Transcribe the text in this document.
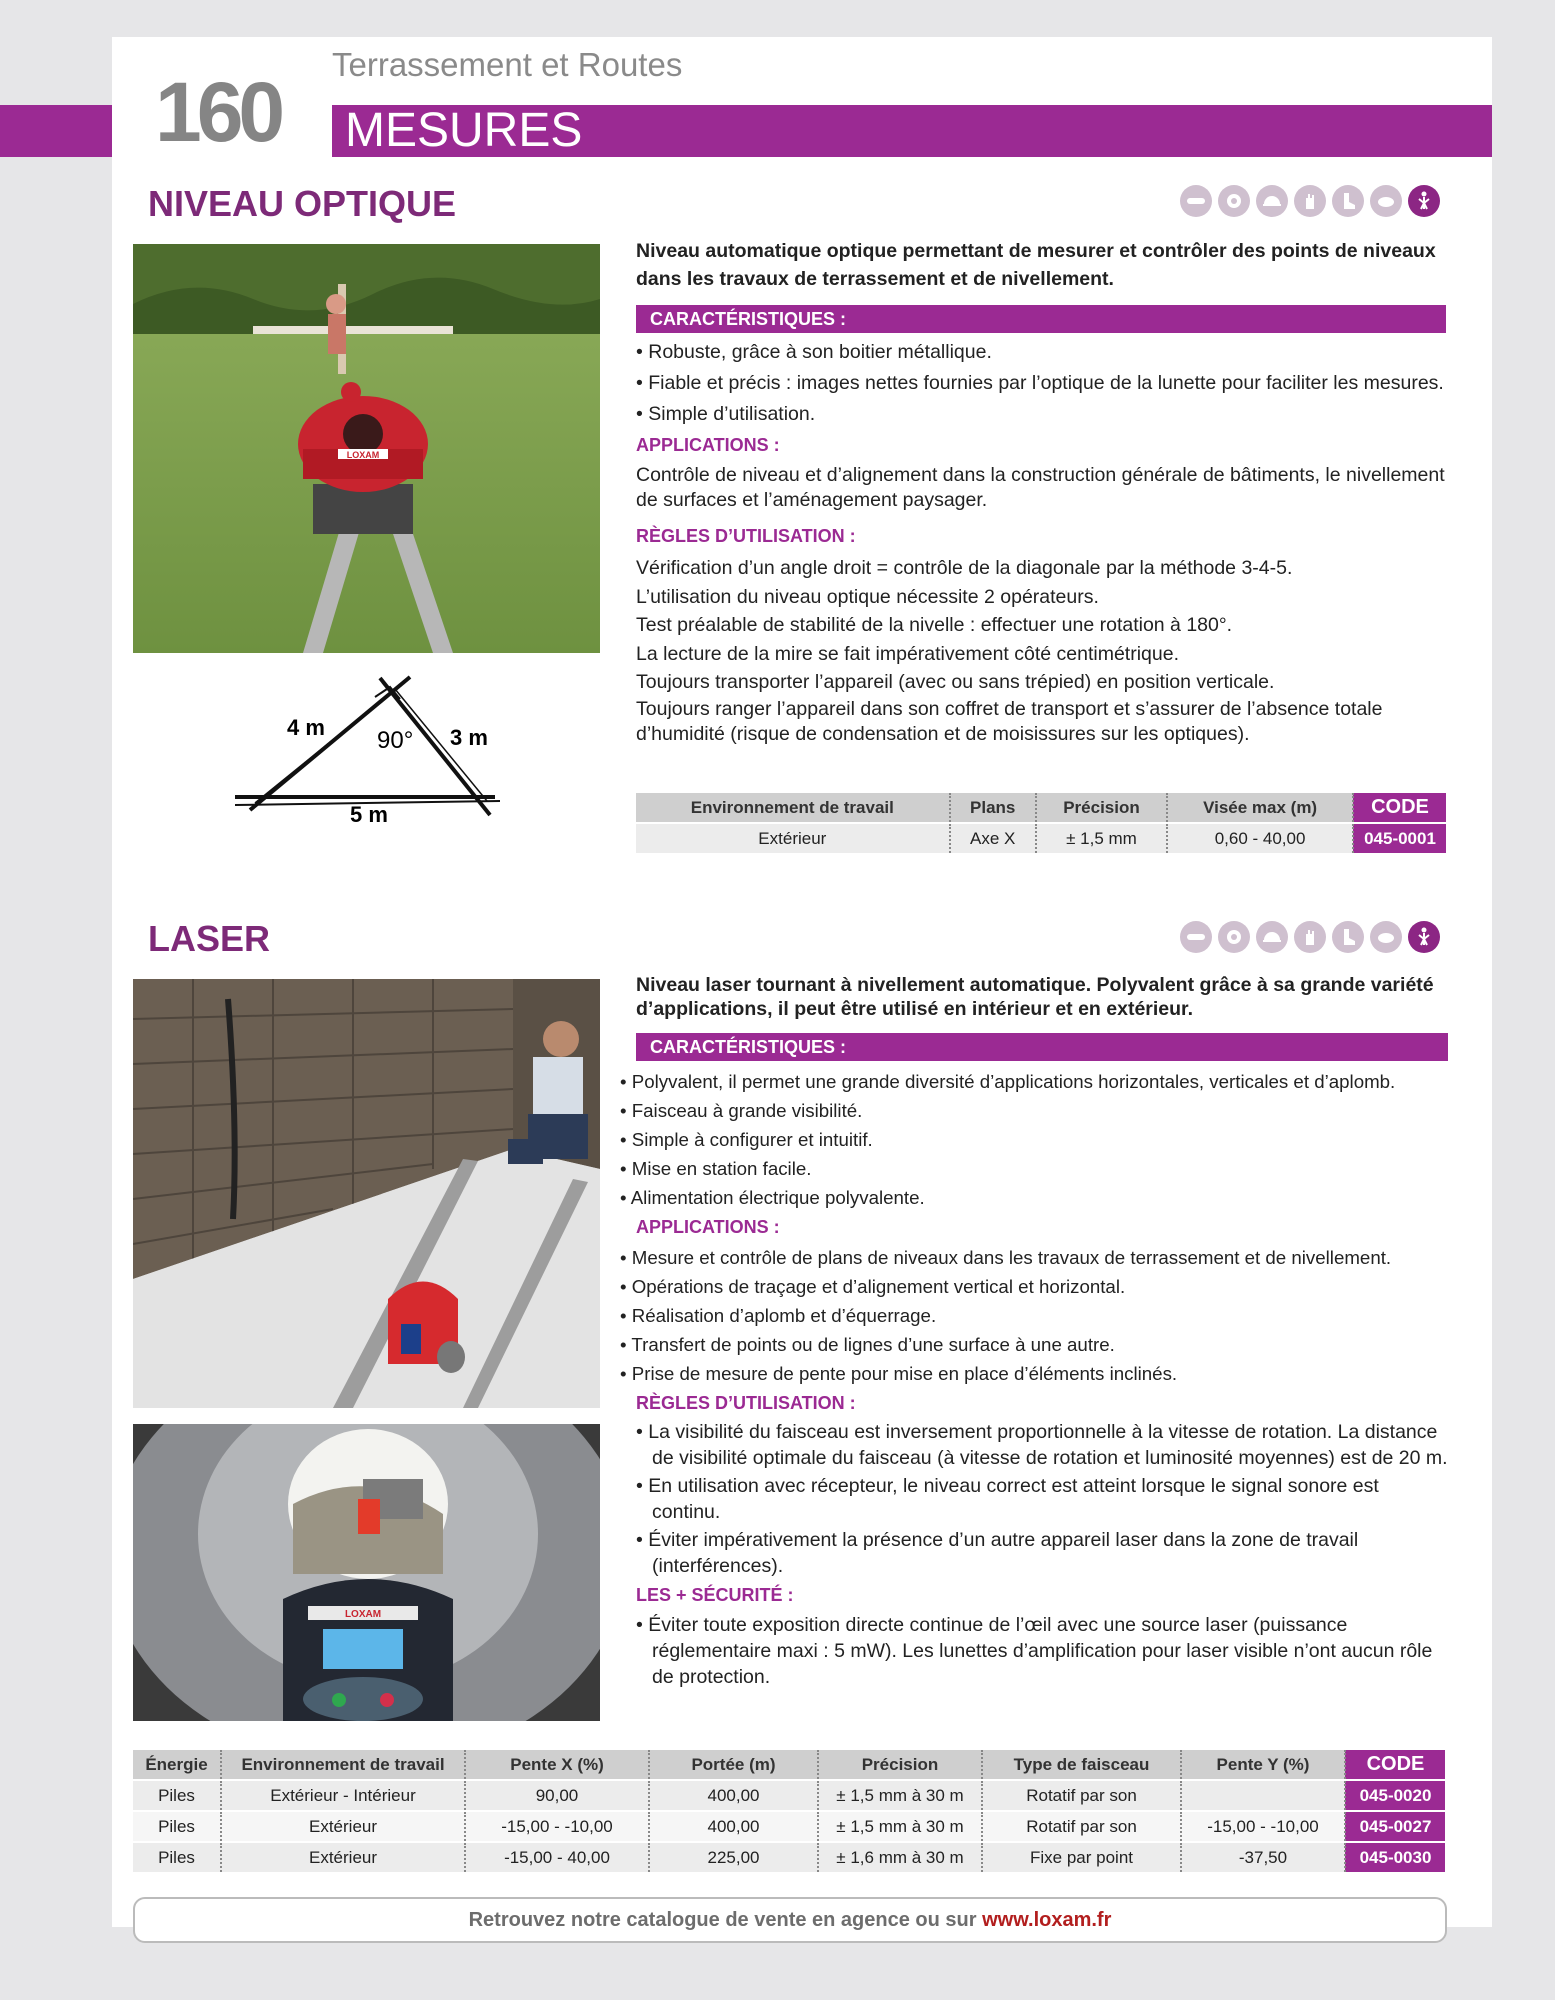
160
Terrassement et Routes
MESURES
NIVEAU OPTIQUE
LOXAM
4 m	3 m
5 m
90°

Niveau automatique optique permettant de mesurer et contrôler des points de niveaux dans les travaux de terrassement et de nivellement.

CARACTÉRISTIQUES :
• Robuste, grâce à son boitier métallique.
• Fiable et précis : images nettes fournies par l’optique de la lunette pour faciliter les mesures.
• Simple d’utilisation.
APPLICATIONS :

Contrôle de niveau et d’alignement dans la construction générale de bâtiments, le nivellement de surfaces et l’aménagement paysager.

RÈGLES D’UTILISATION :

Vérification d’un angle droit = contrôle de la diagonale par la méthode 3-4-5.

L’utilisation du niveau optique nécessite 2 opérateurs.

Test préalable de stabilité de la nivelle : effectuer une rotation à 180°.

La lecture de la mire se fait impérativement côté centimétrique.

Toujours transporter l’appareil (avec ou sans trépied) en position verticale.

Toujours ranger l’appareil dans son coffret de transport et s’assurer de l’absence totale d’humidité (risque de condensation et de moisissures sur les optiques).

Environnement de travail	Plans	Précision	Visée max (m)	CODE
Extérieur	Axe X	± 1,5 mm	0,60 - 40,00	045-0001
LASER
LOXAM

Niveau laser tournant à nivellement automatique. Polyvalent grâce à sa grande variété d’applications, il peut être utilisé en intérieur et en extérieur.

CARACTÉRISTIQUES :
• Polyvalent, il permet une grande diversité d’applications horizontales, verticales et d’aplomb.
• Faisceau à grande visibilité.
• Simple à configurer et intuitif.
• Mise en station facile.
• Alimentation électrique polyvalente.
APPLICATIONS :
• Mesure et contrôle de plans de niveaux dans les travaux de terrassement et de nivellement.
• Opérations de traçage et d’alignement vertical et horizontal.
• Réalisation d’aplomb et d’équerrage.
• Transfert de points ou de lignes d’une surface à une autre.
• Prise de mesure de pente pour mise en place d’éléments inclinés.
RÈGLES D’UTILISATION :
• La visibilité du faisceau est inversement proportionnelle à la vitesse de rotation. La distance de visibilité optimale du faisceau (à vitesse de rotation et luminosité moyennes) est de 20 m.
• En utilisation avec récepteur, le niveau correct est atteint lorsque le signal sonore est continu.
• Éviter impérativement la présence d’un autre appareil laser dans la zone de travail (interférences).
LES + SÉCURITÉ :
• Éviter toute exposition directe continue de l’œil avec une source laser (puissance réglementaire maxi : 5 mW). Les lunettes d’amplification pour laser visible n’ont aucun rôle de protection.
Énergie	Environnement de travail	Pente X (%)	Portée (m)	Précision	Type de faisceau	Pente Y (%)	CODE
Piles	Extérieur - Intérieur	90,00	400,00	± 1,5 mm à 30 m	Rotatif par son		045-0020
Piles	Extérieur	-15,00 - -10,00	400,00	± 1,5 mm à 30 m	Rotatif par son	-15,00 - -10,00	045-0027
Piles	Extérieur	-15,00 - 40,00	225,00	± 1,6 mm à 30 m	Fixe par point	-37,50	045-0030
Retrouvez notre catalogue de vente en agence ou sur www.loxam.fr
